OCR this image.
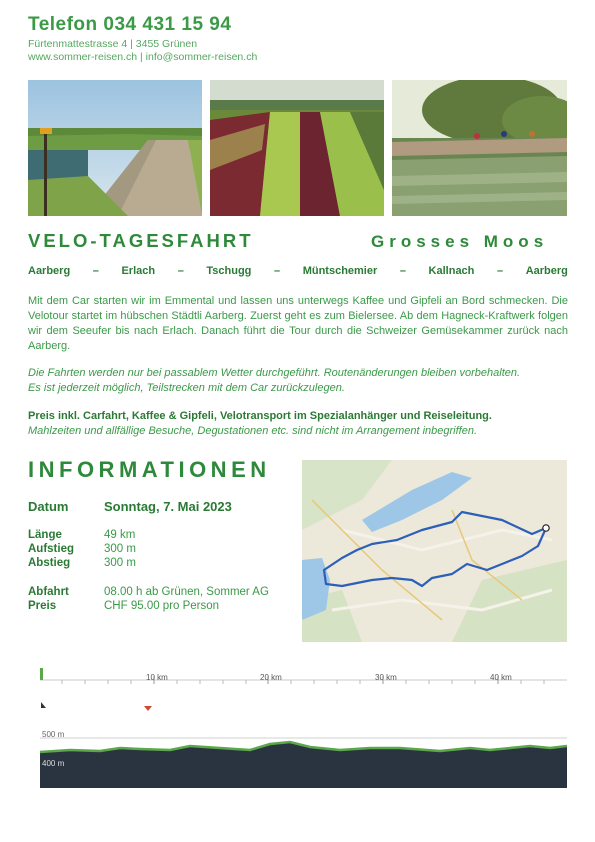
Telefon 034 431 15 94
Fürtenmattestrasse 4 | 3455 Grünen
www.sommer-reisen.ch | info@sommer-reisen.ch
VELO-TAGESFAHRT	Grosses Moos
Aarberg – Erlach – Tschugg – Müntschemier – Kallnach – Aarberg
Mit dem Car starten wir im Emmental und lassen uns unterwegs Kaffee und Gipfeli an Bord schmecken. Die Velotour startet im hübschen Städtli Aarberg. Zuerst geht es zum Bielersee. Ab dem Hagneck-Kraftwerk folgen wir dem Seeufer bis nach Erlach. Danach führt die Tour durch die Schweizer Gemüsekammer zurück nach Aarberg.
Die Fahrten werden nur bei passablem Wetter durchgeführt. Routenänderungen bleiben vorbehalten.
Es ist jederzeit möglich, Teilstrecken mit dem Car zurückzulegen.
Preis inkl. Carfahrt, Kaffee & Gipfeli, Velotransport im Spezialanhänger und Reiseleitung.
Mahlzeiten und allfällige Besuche, Degustationen etc. sind nicht im Arrangement inbegriffen.
INFORMATIONEN
Datum	Sonntag, 7. Mai 2023
Länge	49 km
Aufstieg	300 m
Abstieg	300 m
Abfahrt	08.00 h ab Grünen, Sommer AG
Preis	CHF 95.00 pro Person
10 km	20 km	30 km	40 km
500 m
400 m
